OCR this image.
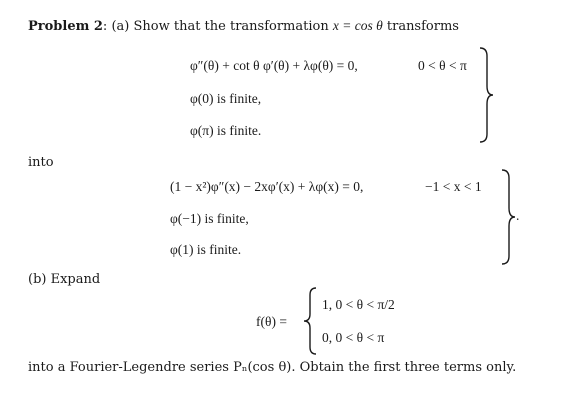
Problem 2: (a) Show that the transformation x = cos θ transforms
φ″(θ) + cot θ φ′(θ) + λφ(θ) = 0,	0 < θ < π
φ(0) is finite,
φ(π) is finite.
into
(1 − x²)φ″(x) − 2xφ′(x) + λφ(x) = 0,	−1 < x < 1
φ(−1) is finite,
φ(1) is finite.
.
(b) Expand
f(θ) =
1, 0 < θ < π/2
0, 0 < θ < π
into a Fourier-Legendre series Pₙ(cos θ). Obtain the first three terms only.
